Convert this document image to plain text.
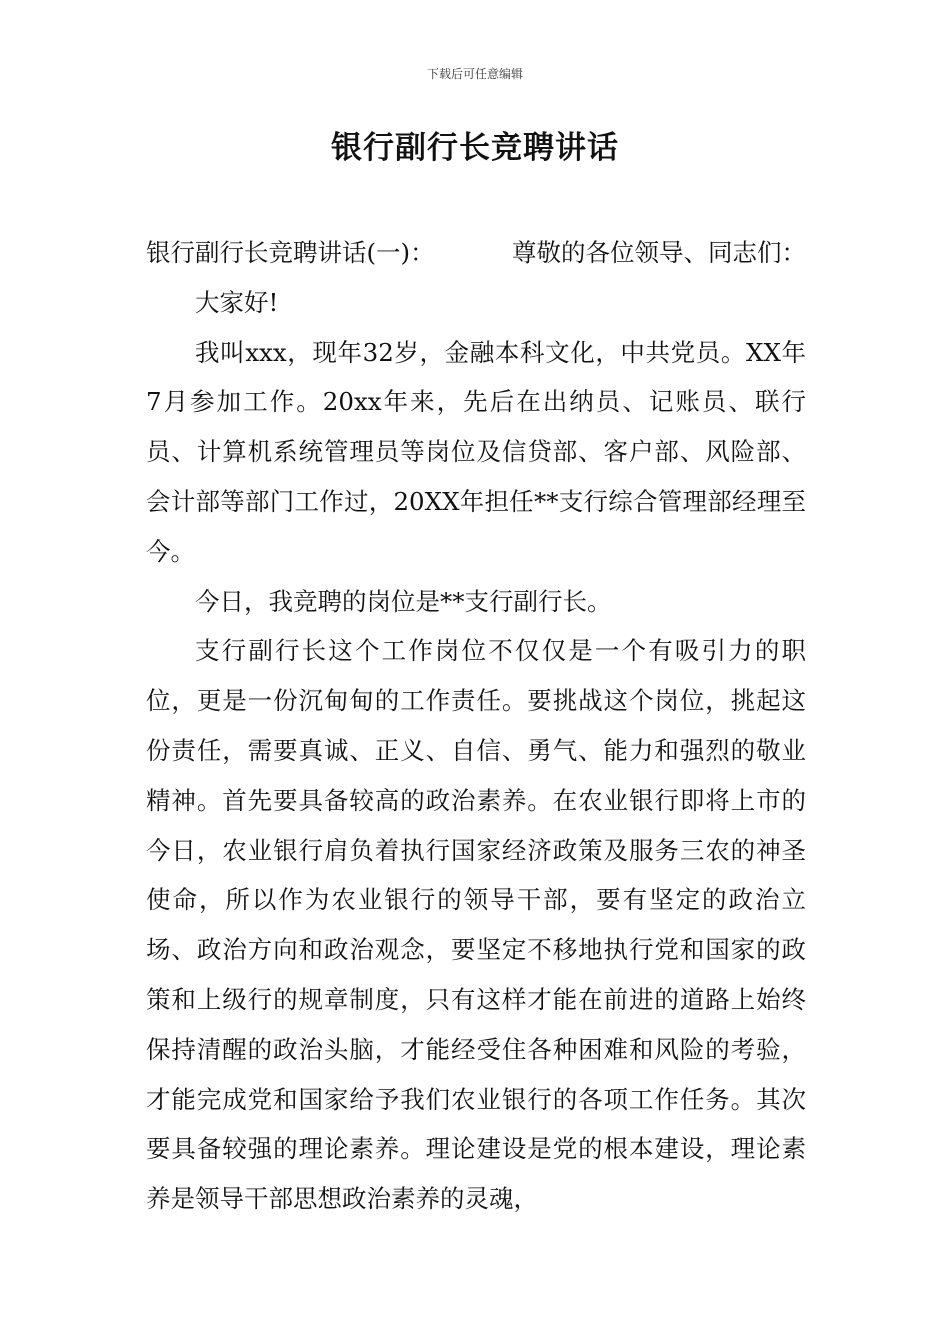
下载后可任意编辑
银行副行长竞聘讲话

银行副行长竞聘讲话(一)：	尊敬的各位领导、同志们：

大家好!

我叫xxx，现年32岁，金融本科文化，中共党员。XX年7月参加工作。20xx年来，先后在出纳员、记账员、联行员、计算机系统管理员等岗位及信贷部、客户部、风险部、会计部等部门工作过，20XX年担任**支行综合管理部经理至今。

今日，我竞聘的岗位是**支行副行长。

支行副行长这个工作岗位不仅仅是一个有吸引力的职位，更是一份沉甸甸的工作责任。要挑战这个岗位，挑起这份责任，需要真诚、正义、自信、勇气、能力和强烈的敬业精神。首先要具备较高的政治素养。在农业银行即将上市的今日，农业银行肩负着执行国家经济政策及服务三农的神圣使命，所以作为农业银行的领导干部，要有坚定的政治立场、政治方向和政治观念，要坚定不移地执行党和国家的政策和上级行的规章制度，只有这样才能在前进的道路上始终保持清醒的政治头脑，才能经受住各种困难和风险的考验，才能完成党和国家给予我们农业银行的各项工作任务。其次要具备较强的理论素养。理论建设是党的根本建设，理论素养是领导干部思想政治素养的灵魂，
